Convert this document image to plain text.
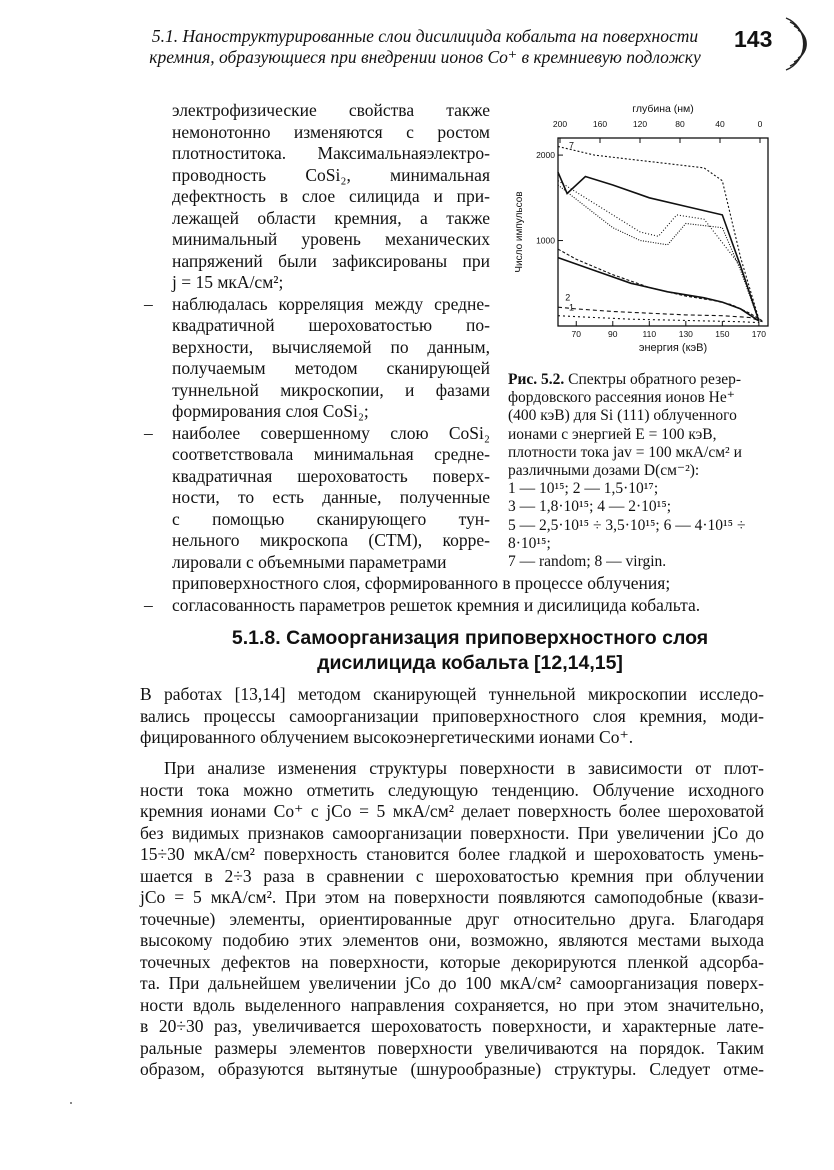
5.1. Наноструктурированные слои дисилицида кобальта на поверхности
кремния, образующиеся при внедрении ионов Co⁺ в кремниевую подложку
143
электрофизические свойства также
немонотонно изменяются с ростом
плотноститока. Максимальнаяэлектро-
проводность CoSi₂, минимальная
дефектность в слое силицида и при-
лежащей области кремния, а также
минимальный уровень механических
напряжений были зафиксированы при
j = 15 мкА/см²;
– наблюдалась корреляция между средне-
квадратичной шероховатостью по-
верхности, вычисляемой по данным,
получаемым методом сканирующей
туннельной микроскопии, и фазами
формирования слоя CoSi₂;
– наиболее совершенному слою CoSi₂
соответствовала минимальная средне-
квадратичная шероховатость поверх-
ности, то есть данные, полученные
с помощью сканирующего тун-
нельного микроскопа (СТМ), корре-
лировали с объемными параметрами
глубина (нм)
200	160	120	80	40	0
70	90	110	130	150	170
энергия (кэВ)
1000
2000
Число импульсов
7
2
1
Рис. 5.2. Спектры обратного резер-
фордовского рассеяния ионов He⁺
(400 кэВ) для Si (111) облученного
ионами с энергией E = 100 кэВ,
плотности тока jav = 100 мкА/см² и
различными дозами D(см⁻²):
1 — 10¹⁵; 2 — 1,5·10¹⁷;
3 — 1,8·10¹⁵; 4 — 2·10¹⁵;
5 — 2,5·10¹⁵ ÷ 3,5·10¹⁵; 6 — 4·10¹⁵ ÷ 8·10¹⁵;
7 — random; 8 — virgin.
приповерхностного слоя, сформированного в процессе облучения;
– согласованность параметров решеток кремния и дисилицида кобальта.
5.1.8. Самоорганизация приповерхностного слоя
дисилицида кобальта [12,14,15]
В работах [13,14] методом сканирующей туннельной микроскопии исследо-
вались процессы самоорганизации приповерхностного слоя кремния, моди-
фицированного облучением высокоэнергетическими ионами Co⁺.
При анализе изменения структуры поверхности в зависимости от плот-
ности тока можно отметить следующую тенденцию. Облучение исходного
кремния ионами Co⁺ с jCo = 5 мкА/см² делает поверхность более шероховатой
без видимых признаков самоорганизации поверхности. При увеличении jCo до
15÷30 мкА/см² поверхность становится более гладкой и шероховатость умень-
шается в 2÷3 раза в сравнении с шероховатостью кремния при облучении
jCo = 5 мкА/см². При этом на поверхности появляются самоподобные (квази-
точечные) элементы, ориентированные друг относительно друга. Благодаря
высокому подобию этих элементов они, возможно, являются местами выхода
точечных дефектов на поверхности, которые декорируются пленкой адсорба-
та. При дальнейшем увеличении jCo до 100 мкА/см² самоорганизация поверх-
ности вдоль выделенного направления сохраняется, но при этом значительно,
в 20÷30 раз, увеличивается шероховатость поверхности, и характерные лате-
ральные размеры элементов поверхности увеличиваются на порядок. Таким
образом, образуются вытянутые (шнурообразные) структуры. Следует отме-
